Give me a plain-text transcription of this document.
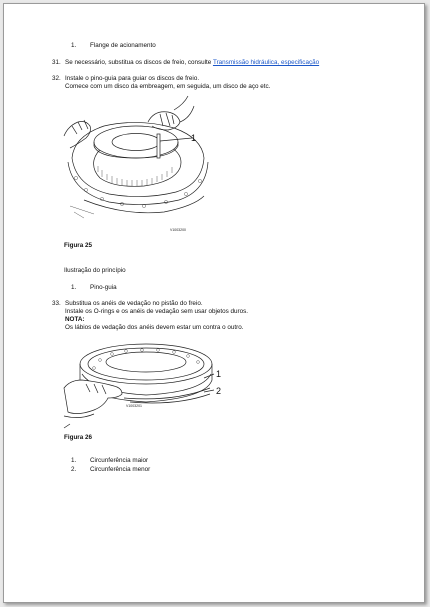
1. Flange de acionamento
31. Se necessário, substitua os discos de freio, consulte Transmissão hidráulica, especificação
32. Instale o pino-guia para guiar os discos de freio.
Comece com um disco da embreagem, em seguida, um disco de aço etc.
V1003200
1
Figura 25
Ilustração do princípio
1. Pino-guia
33. Substitua os anéis de vedação no pistão do freio.
Instale os O-rings e os anéis de vedação sem usar objetos duros.
NOTA:
Os lábios de vedação dos anéis devem estar um contra o outro.
1
2
V1003201
Figura 26
1. Circunferência maior
2. Circunferência menor
